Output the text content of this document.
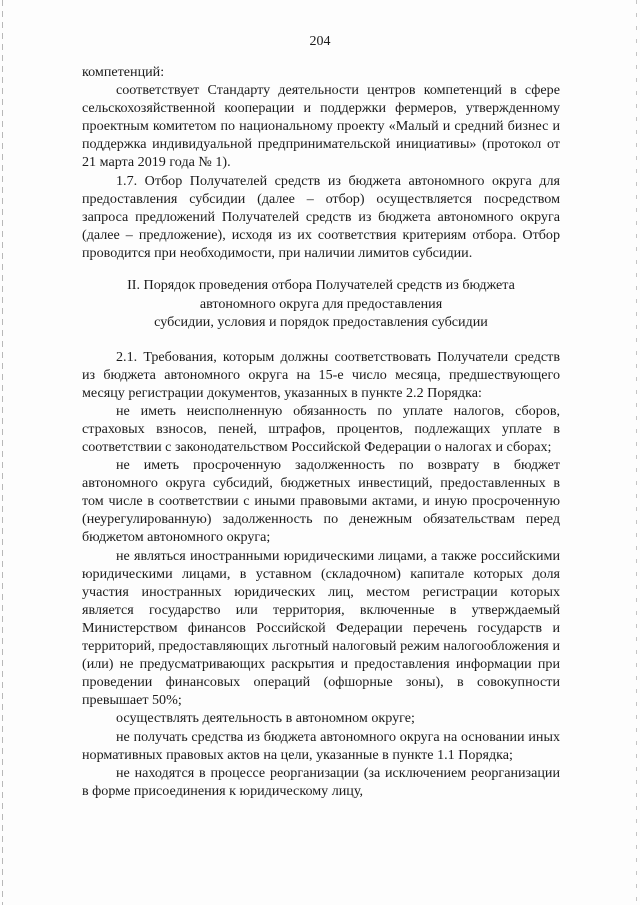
204

компетенций:

соответствует Стандарту деятельности центров компетенций в сфере сельскохозяйственной кооперации и поддержки фермеров, утвержденному проектным комитетом по национальному проекту «Малый и средний бизнес и поддержка индивидуальной предпринимательской инициативы» (протокол от 21 марта 2019 года № 1).

1.7. Отбор Получателей средств из бюджета автономного округа для предоставления субсидии (далее – отбор) осуществляется посредством запроса предложений Получателей средств из бюджета автономного округа (далее – предложение), исходя из их соответствия критериям отбора. Отбор проводится при необходимости, при наличии лимитов субсидии.

II. Порядок проведения отбора Получателей средств из бюджета
автономного округа для предоставления
субсидии, условия и порядок предоставления субсидии

2.1. Требования, которым должны соответствовать Получатели средств из бюджета автономного округа на 15-е число месяца, предшествующего месяцу регистрации документов, указанных в пункте 2.2 Порядка:

не иметь неисполненную обязанность по уплате налогов, сборов, страховых взносов, пеней, штрафов, процентов, подлежащих уплате в соответствии с законодательством Российской Федерации о налогах и сборах;

не иметь просроченную задолженность по возврату в бюджет автономного округа субсидий, бюджетных инвестиций, предоставленных в том числе в соответствии с иными правовыми актами, и иную просроченную (неурегулированную) задолженность по денежным обязательствам перед бюджетом автономного округа;

не являться иностранными юридическими лицами, а также российскими юридическими лицами, в уставном (складочном) капитале которых доля участия иностранных юридических лиц, местом регистрации которых является государство или территория, включенные в утверждаемый Министерством финансов Российской Федерации перечень государств и территорий, предоставляющих льготный налоговый режим налогообложения и (или) не предусматривающих раскрытия и предоставления информации при проведении финансовых операций (офшорные зоны), в совокупности превышает 50%;

осуществлять деятельность в автономном округе;

не получать средства из бюджета автономного округа на основании иных нормативных правовых актов на цели, указанные в пункте 1.1 Порядка;

не находятся в процессе реорганизации (за исключением реорганизации в форме присоединения к юридическому лицу,
